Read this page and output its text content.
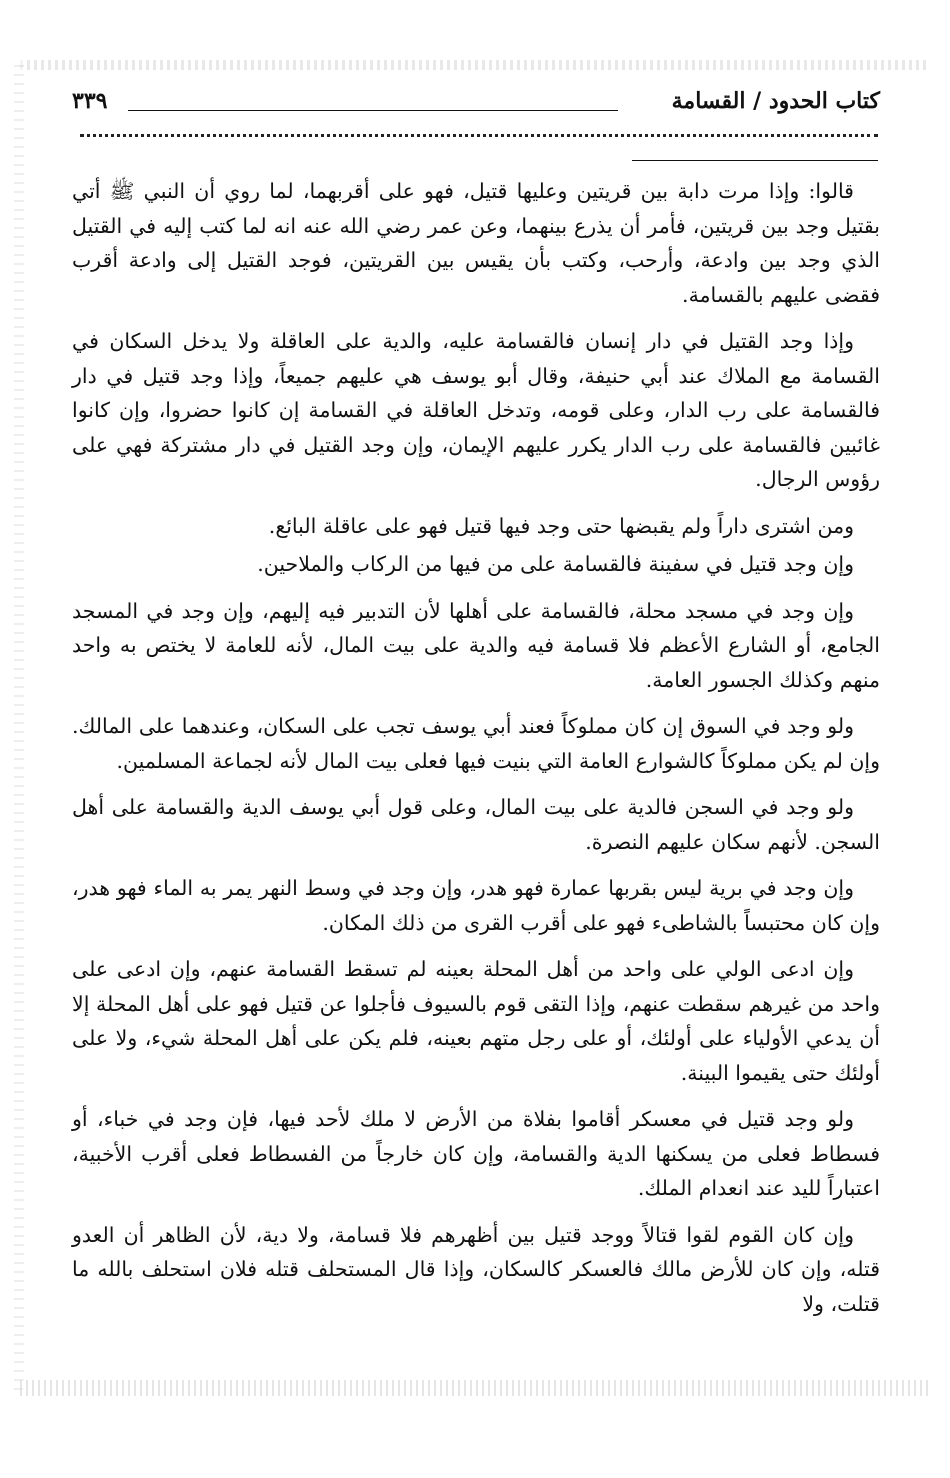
٣٣٩	كتاب الحدود / القسامة

قالوا: وإذا مرت دابة بين قريتين وعليها قتيل، فهو على أقربهما، لما روي أن النبي ﷺ أتي بقتيل وجد بين قريتين، فأمر أن يذرع بينهما، وعن عمر رضي الله عنه انه لما كتب إليه في القتيل الذي وجد بين وادعة، وأرحب، وكتب بأن يقيس بين القريتين، فوجد القتيل إلى وادعة أقرب فقضى عليهم بالقسامة.

وإذا وجد القتيل في دار إنسان فالقسامة عليه، والدية على العاقلة ولا يدخل السكان في القسامة مع الملاك عند أبي حنيفة، وقال أبو يوسف هي عليهم جميعاً، وإذا وجد قتيل في دار فالقسامة على رب الدار، وعلى قومه، وتدخل العاقلة في القسامة إن كانوا حضروا، وإن كانوا غائبين فالقسامة على رب الدار يكرر عليهم الإيمان، وإن وجد القتيل في دار مشتركة فهي على رؤوس الرجال.

ومن اشترى داراً ولم يقبضها حتى وجد فيها قتيل فهو على عاقلة البائع.

وإن وجد قتيل في سفينة فالقسامة على من فيها من الركاب والملاحين.

وإن وجد في مسجد محلة، فالقسامة على أهلها لأن التدبير فيه إليهم، وإن وجد في المسجد الجامع، أو الشارع الأعظم فلا قسامة فيه والدية على بيت المال، لأنه للعامة لا يختص به واحد منهم وكذلك الجسور العامة.

ولو وجد في السوق إن كان مملوكاً فعند أبي يوسف تجب على السكان، وعندهما على المالك. وإن لم يكن مملوكاً كالشوارع العامة التي بنيت فيها فعلى بيت المال لأنه لجماعة المسلمين.

ولو وجد في السجن فالدية على بيت المال، وعلى قول أبي يوسف الدية والقسامة على أهل السجن. لأنهم سكان عليهم النصرة.

وإن وجد في برية ليس بقربها عمارة فهو هدر، وإن وجد في وسط النهر يمر به الماء فهو هدر، وإن كان محتبساً بالشاطىء فهو على أقرب القرى من ذلك المكان.

وإن ادعى الولي على واحد من أهل المحلة بعينه لم تسقط القسامة عنهم، وإن ادعى على واحد من غيرهم سقطت عنهم، وإذا التقى قوم بالسيوف فأجلوا عن قتيل فهو على أهل المحلة إلا أن يدعي الأولياء على أولئك، أو على رجل متهم بعينه، فلم يكن على أهل المحلة شيء، ولا على أولئك حتى يقيموا البينة.

ولو وجد قتيل في معسكر أقاموا بفلاة من الأرض لا ملك لأحد فيها، فإن وجد في خباء، أو فسطاط فعلى من يسكنها الدية والقسامة، وإن كان خارجاً من الفسطاط فعلى أقرب الأخبية، اعتباراً لليد عند انعدام الملك.

وإن كان القوم لقوا قتالاً ووجد قتيل بين أظهرهم فلا قسامة، ولا دية، لأن الظاهر أن العدو قتله، وإن كان للأرض مالك فالعسكر كالسكان، وإذا قال المستحلف قتله فلان استحلف بالله ما قتلت، ولا
